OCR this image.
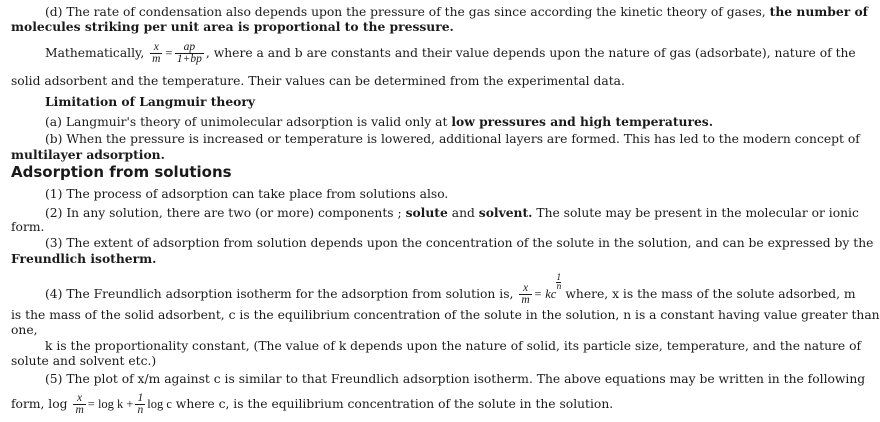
(d) The rate of condensation also depends upon the pressure of the gas since according the kinetic theory of gases, the number of
molecules striking per unit area is proportional to the pressure.
Mathematically, $\frac{x}{m} = \frac{ap}{1+bp}$ , where a and b are constants and their value depends upon the nature of gas (adsorbate), nature of the
solid adsorbent and the temperature. Their values can be determined from the experimental data.
Limitation of Langmuir theory
(a) Langmuir's theory of unimolecular adsorption is valid only at low pressures and high temperatures.
(b) When the pressure is increased or temperature is lowered, additional layers are formed. This has led to the modern concept of
multilayer adsorption.
Adsorption from solutions
(1) The process of adsorption can take place from solutions also.
(2) In any solution, there are two (or more) components ; solute and solvent. The solute may be present in the molecular or ionic
form.
(3) The extent of adsorption from solution depends upon the concentration of the solute in the solution, and can be expressed by the
Freundlich isotherm.
(4) The Freundlich adsorption isotherm for the adsorption from solution is, $\frac{x}{m}$ = kc
$\frac{1}{n}$
where, x is the mass of the solute adsorbed, m
is the mass of the solid adsorbent, c is the equilibrium concentration of the solute in the solution, n is a constant having value greater than
one,
k is the proportionality constant, (The value of k depends upon the nature of solid, its particle size, temperature, and the nature of
solute and solvent etc.)
(5) The plot of x/m against c is similar to that Freundlich adsorption isotherm. The above equations may be written in the following
form, $\log \frac{x}{m} = \log k + \frac{1}{n}$ log c where c, is the equilibrium concentration of the solute in the solution.
